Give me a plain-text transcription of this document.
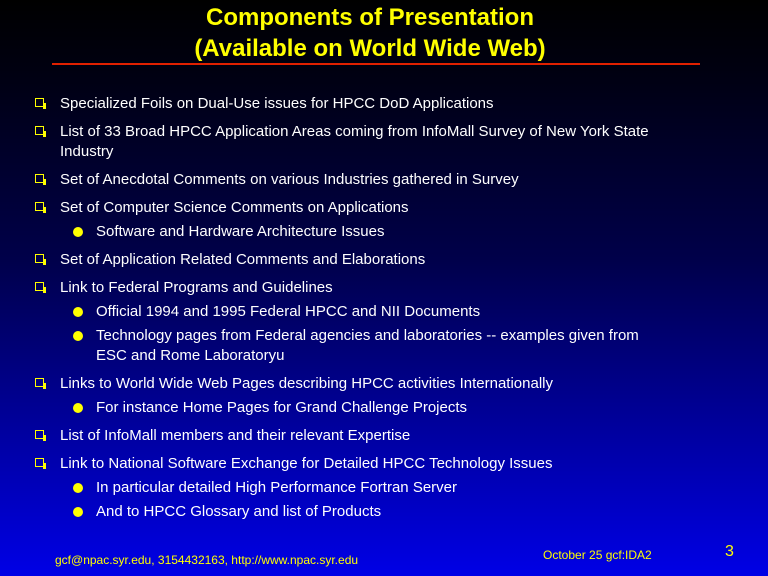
Components of Presentation
(Available on World Wide Web)
Specialized Foils on Dual-Use issues for HPCC DoD Applications
List of 33 Broad HPCC Application Areas coming from InfoMall Survey of New York State Industry
Set of Anecdotal Comments on various Industries gathered in Survey
Set of Computer Science Comments on Applications
Software and Hardware Architecture Issues
Set of Application Related Comments and Elaborations
Link to Federal Programs and Guidelines
Official 1994 and 1995 Federal HPCC and NII Documents
Technology pages from Federal agencies and laboratories -- examples given from ESC and Rome Laboratoryu
Links to World Wide Web Pages describing HPCC activities Internationally
For instance Home Pages for Grand Challenge Projects
List of InfoMall members and their relevant Expertise
Link to National Software Exchange for Detailed HPCC Technology Issues
In particular detailed High Performance Fortran Server
And to HPCC Glossary and list of Products
gcf@npac.syr.edu, 3154432163, http://www.npac.syr.edu	October 25 gcf:IDA2	3
